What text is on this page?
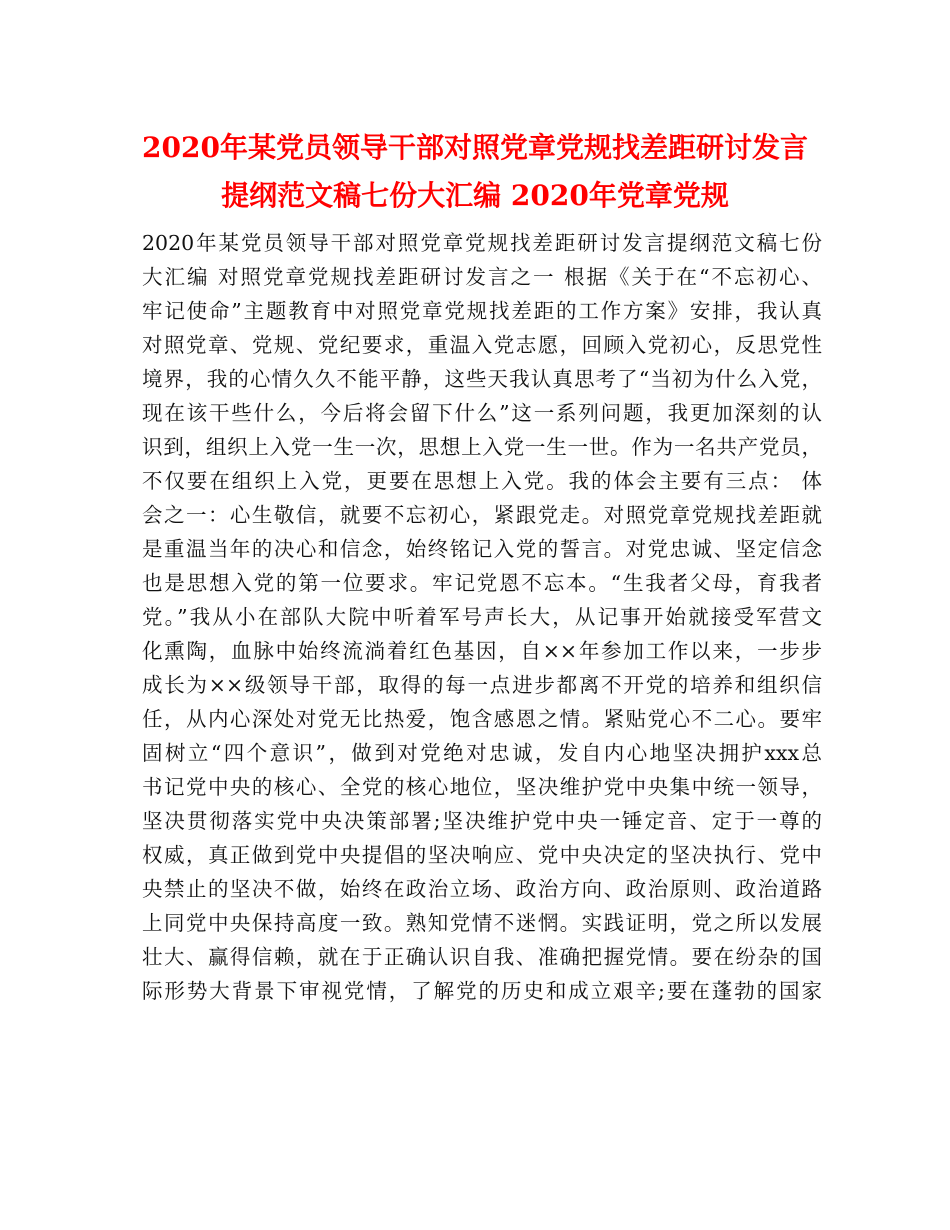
2020年某党员领导干部对照党章党规找差距研讨发言
提纲范文稿七份大汇编 2020年党章党规
2020年某党员领导干部对照党章党规找差距研讨发言提纲范文稿七份
大汇编 对照党章党规找差距研讨发言之一 根据《关于在“不忘初心、
牢记使命”主题教育中对照党章党规找差距的工作方案》安排，我认真
对照党章、党规、党纪要求，重温入党志愿，回顾入党初心，反思党性
境界，我的心情久久不能平静，这些天我认真思考了“当初为什么入党，
现在该干些什么，今后将会留下什么”这一系列问题，我更加深刻的认
识到，组织上入党一生一次，思想上入党一生一世。作为一名共产党员，
不仅要在组织上入党，更要在思想上入党。我的体会主要有三点： 体
会之一：心生敬信，就要不忘初心，紧跟党走。对照党章党规找差距就
是重温当年的决心和信念，始终铭记入党的誓言。对党忠诚、坚定信念
也是思想入党的第一位要求。牢记党恩不忘本。“生我者父母，育我者
党。”我从小在部队大院中听着军号声长大，从记事开始就接受军营文
化熏陶，血脉中始终流淌着红色基因，自××年参加工作以来，一步步
成长为××级领导干部，取得的每一点进步都离不开党的培养和组织信
任，从内心深处对党无比热爱，饱含感恩之情。紧贴党心不二心。要牢
固树立“四个意识”，做到对党绝对忠诚，发自内心地坚决拥护xxx总
书记党中央的核心、全党的核心地位，坚决维护党中央集中统一领导，
坚决贯彻落实党中央决策部署;坚决维护党中央一锤定音、定于一尊的
权威，真正做到党中央提倡的坚决响应、党中央决定的坚决执行、党中
央禁止的坚决不做，始终在政治立场、政治方向、政治原则、政治道路
上同党中央保持高度一致。熟知党情不迷惘。实践证明，党之所以发展
壮大、赢得信赖，就在于正确认识自我、准确把握党情。要在纷杂的国
际形势大背景下审视党情，了解党的历史和成立艰辛;要在蓬勃的国家
